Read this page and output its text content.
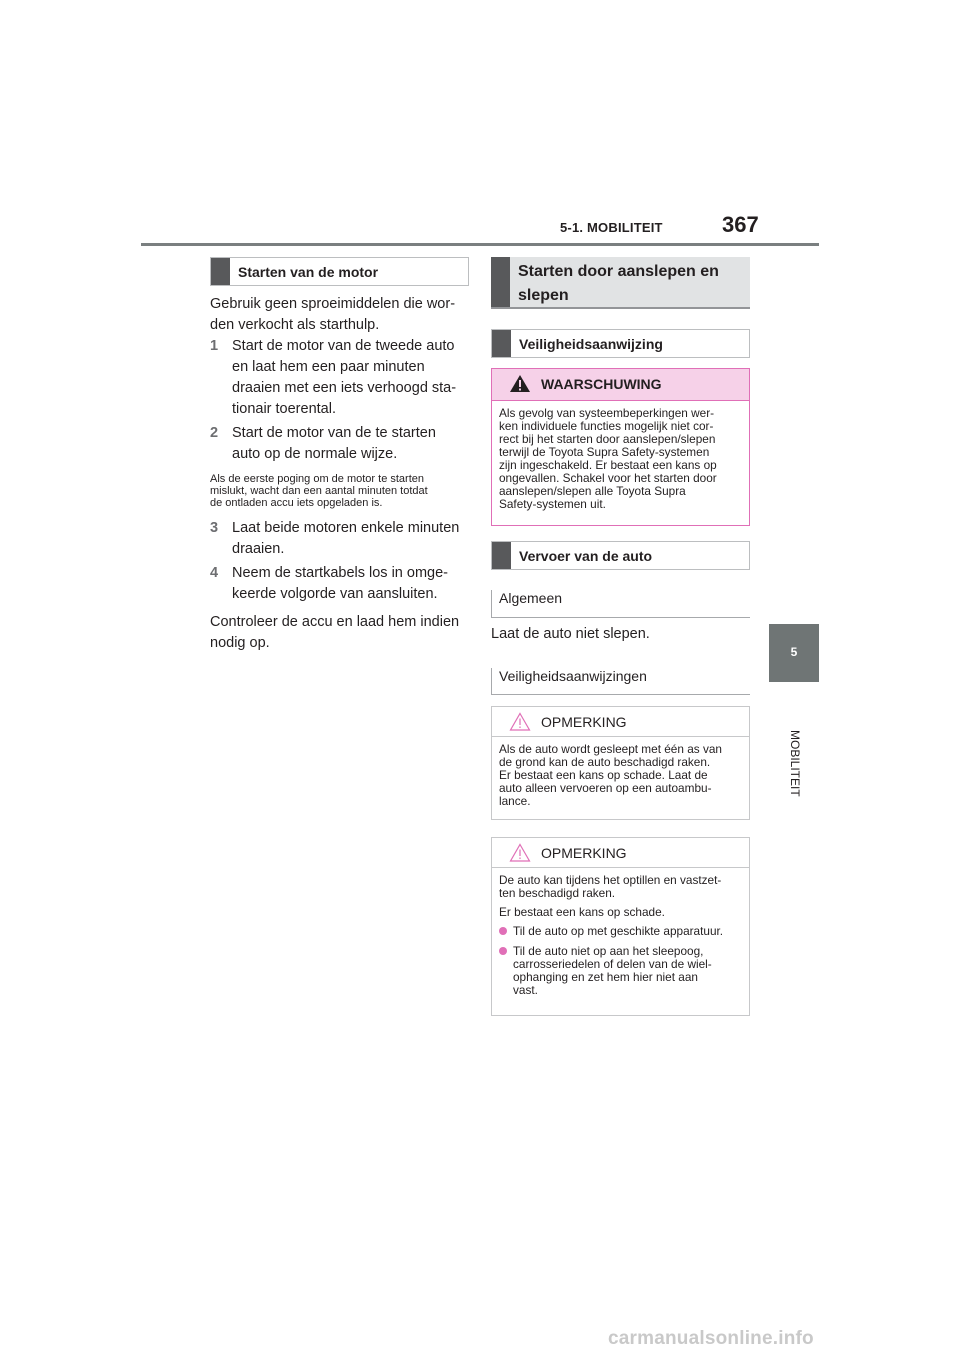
5-1. MOBILITEIT	367
5
MOBILITEIT
Starten van de motor
Gebruik geen sproeimiddelen die wor-
den verkocht als starthulp.
1 Start de motor van de tweede auto
en laat hem een paar minuten
draaien met een iets verhoogd sta-
tionair toerental.
2 Start de motor van de te starten
auto op de normale wijze.
Als de eerste poging om de motor te starten
mislukt, wacht dan een aantal minuten totdat
de ontladen accu iets opgeladen is.
3 Laat beide motoren enkele minuten
draaien.
4 Neem de startkabels los in omge-
keerde volgorde van aansluiten.
Controleer de accu en laad hem indien
nodig op.
Starten door aanslepen en
slepen
Veiligheidsaanwijzing
WAARSCHUWING
Als gevolg van systeembeperkingen wer-
ken individuele functies mogelijk niet cor-
rect bij het starten door aanslepen/slepen
terwijl de Toyota Supra Safety-systemen
zijn ingeschakeld. Er bestaat een kans op
ongevallen. Schakel voor het starten door
aanslepen/slepen alle Toyota Supra
Safety-systemen uit.
Vervoer van de auto
Algemeen
Laat de auto niet slepen.
Veiligheidsaanwijzingen
OPMERKING
Als de auto wordt gesleept met één as van
de grond kan de auto beschadigd raken.
Er bestaat een kans op schade. Laat de
auto alleen vervoeren op een autoambu-
lance.
OPMERKING

De auto kan tijdens het optillen en vastzet-
ten beschadigd raken.

Er bestaat een kans op schade.

Til de auto op met geschikte apparatuur.
Til de auto niet op aan het sleepoog,
carrosseriedelen of delen van de wiel-
ophanging en zet hem hier niet aan
vast.
carmanualsonline.info
